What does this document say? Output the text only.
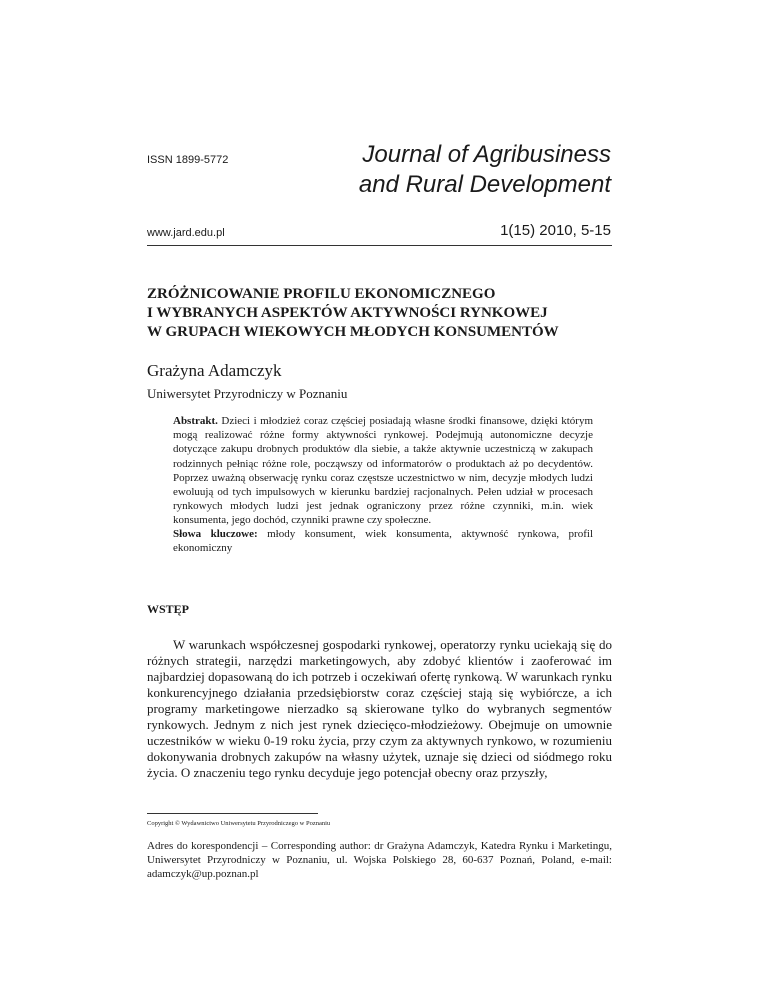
ISSN 1899-5772	Journal of Agribusiness
and Rural Development
www.jard.edu.pl	1(15) 2010, 5-15
ZRÓŻNICOWANIE PROFILU EKONOMICZNEGO
I WYBRANYCH ASPEKTÓW AKTYWNOŚCI RYNKOWEJ
W GRUPACH WIEKOWYCH MŁODYCH KONSUMENTÓW
Grażyna Adamczyk
Uniwersytet Przyrodniczy w Poznaniu

Abstrakt. Dzieci i młodzież coraz częściej posiadają własne środki finansowe, dzięki którym mogą realizować różne formy aktywności rynkowej. Podejmują autonomiczne decyzje dotyczące zakupu drobnych produktów dla siebie, a także aktywnie uczestniczą w zakupach rodzinnych pełniąc różne role, począwszy od informatorów o produktach aż po decydentów. Poprzez uważną obserwację rynku coraz częstsze uczestnictwo w nim, decyzje młodych ludzi ewoluują od tych impulsowych w kierunku bardziej racjonalnych. Pełen udział w procesach rynkowych młodych ludzi jest jednak ograniczony przez różne czynniki, m.in. wiek konsumenta, jego dochód, czynniki prawne czy społeczne.

Słowa kluczowe: młody konsument, wiek konsumenta, aktywność rynkowa, profil ekonomiczny

WSTĘP

W warunkach współczesnej gospodarki rynkowej, operatorzy rynku uciekają się do różnych strategii, narzędzi marketingowych, aby zdobyć klientów i zaoferować im najbardziej dopasowaną do ich potrzeb i oczekiwań ofertę rynkową. W warunkach rynku konkurencyjnego działania przedsiębiorstw coraz częściej stają się wybiórcze, a ich programy marketingowe nierzadko są skierowane tylko do wybranych segmentów rynkowych. Jednym z nich jest rynek dziecięco-młodzieżowy. Obejmuje on umownie uczestników w wieku 0-19 roku życia, przy czym za aktywnych rynkowo, w rozumieniu dokonywania drobnych zakupów na własny użytek, uznaje się dzieci od siódmego roku życia. O znaczeniu tego rynku decyduje jego potencjał obecny oraz przyszły,

Copyright © Wydawnictwo Uniwersytetu Przyrodniczego w Poznaniu

Adres do korespondencji – Corresponding author: dr Grażyna Adamczyk, Katedra Rynku i Marketingu, Uniwersytet Przyrodniczy w Poznaniu, ul. Wojska Polskiego 28, 60-637 Poznań, Poland, e-mail: adamczyk@up.poznan.pl
